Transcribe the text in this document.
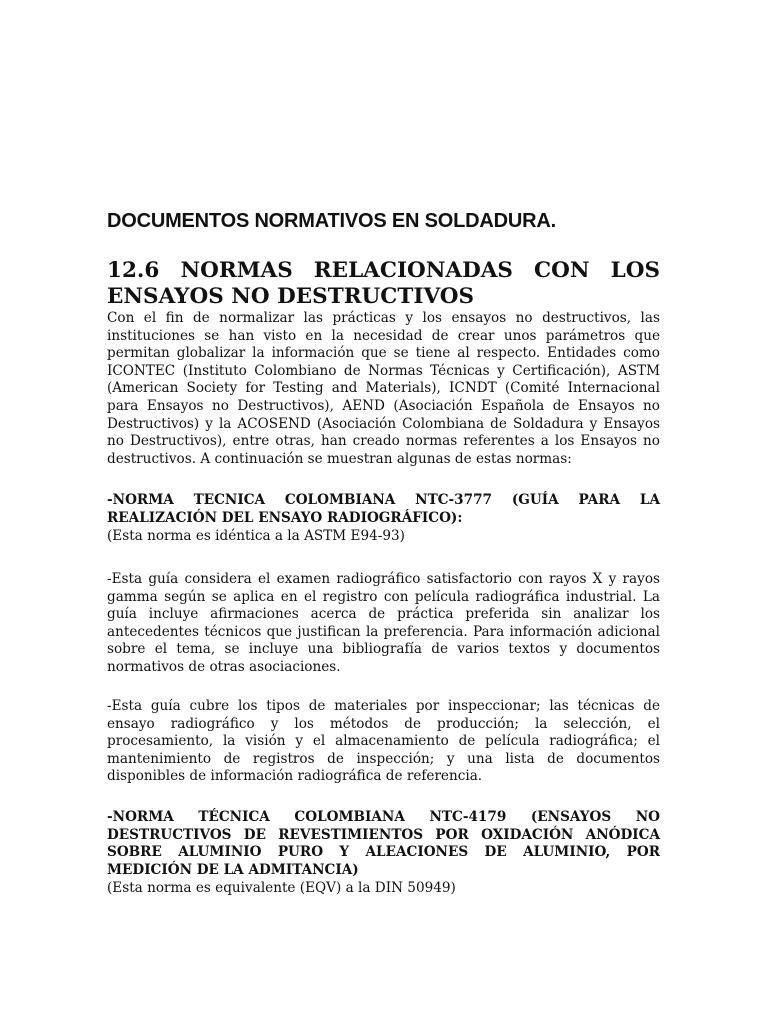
DOCUMENTOS NORMATIVOS EN SOLDADURA.
12.6 NORMAS RELACIONADAS CON LOS ENSAYOS NO DESTRUCTIVOS

Con el fin de normalizar las prácticas y los ensayos no destructivos, las instituciones se han visto en la necesidad de crear unos parámetros que permitan globalizar la información que se tiene al respecto. Entidades como ICONTEC (Instituto Colombiano de Normas Técnicas y Certificación), ASTM (American Society for Testing and Materials), ICNDT (Comité Internacional para Ensayos no Destructivos), AEND (Asociación Española de Ensayos no Destructivos) y la ACOSEND (Asociación Colombiana de Soldadura y Ensayos no Destructivos), entre otras, han creado normas referentes a los Ensayos no destructivos. A continuación se muestran algunas de estas normas:

-NORMA TECNICA COLOMBIANA NTC-3777 (GUÍA PARA LA REALIZACIÓN DEL ENSAYO RADIOGRÁFICO):

(Esta norma es idéntica a la ASTM E94-93)

-Esta guía considera el examen radiográfico satisfactorio con rayos X y rayos gamma según se aplica en el registro con película radiográfica industrial. La guía incluye afirmaciones acerca de práctica preferida sin analizar los antecedentes técnicos que justifican la preferencia. Para información adicional sobre el tema, se incluye una bibliografía de varios textos y documentos normativos de otras asociaciones.

-Esta guía cubre los tipos de materiales por inspeccionar; las técnicas de ensayo radiográfico y los métodos de producción; la selección, el procesamiento, la visión y el almacenamiento de película radiográfica; el mantenimiento de registros de inspección; y una lista de documentos disponibles de información radiográfica de referencia.

-NORMA TÉCNICA COLOMBIANA NTC-4179 (ENSAYOS NO DESTRUCTIVOS DE REVESTIMIENTOS POR OXIDACIÓN ANÓDICA SOBRE ALUMINIO PURO Y ALEACIONES DE ALUMINIO, POR MEDICIÓN DE LA ADMITANCIA)

(Esta norma es equivalente (EQV) a la DIN 50949)
